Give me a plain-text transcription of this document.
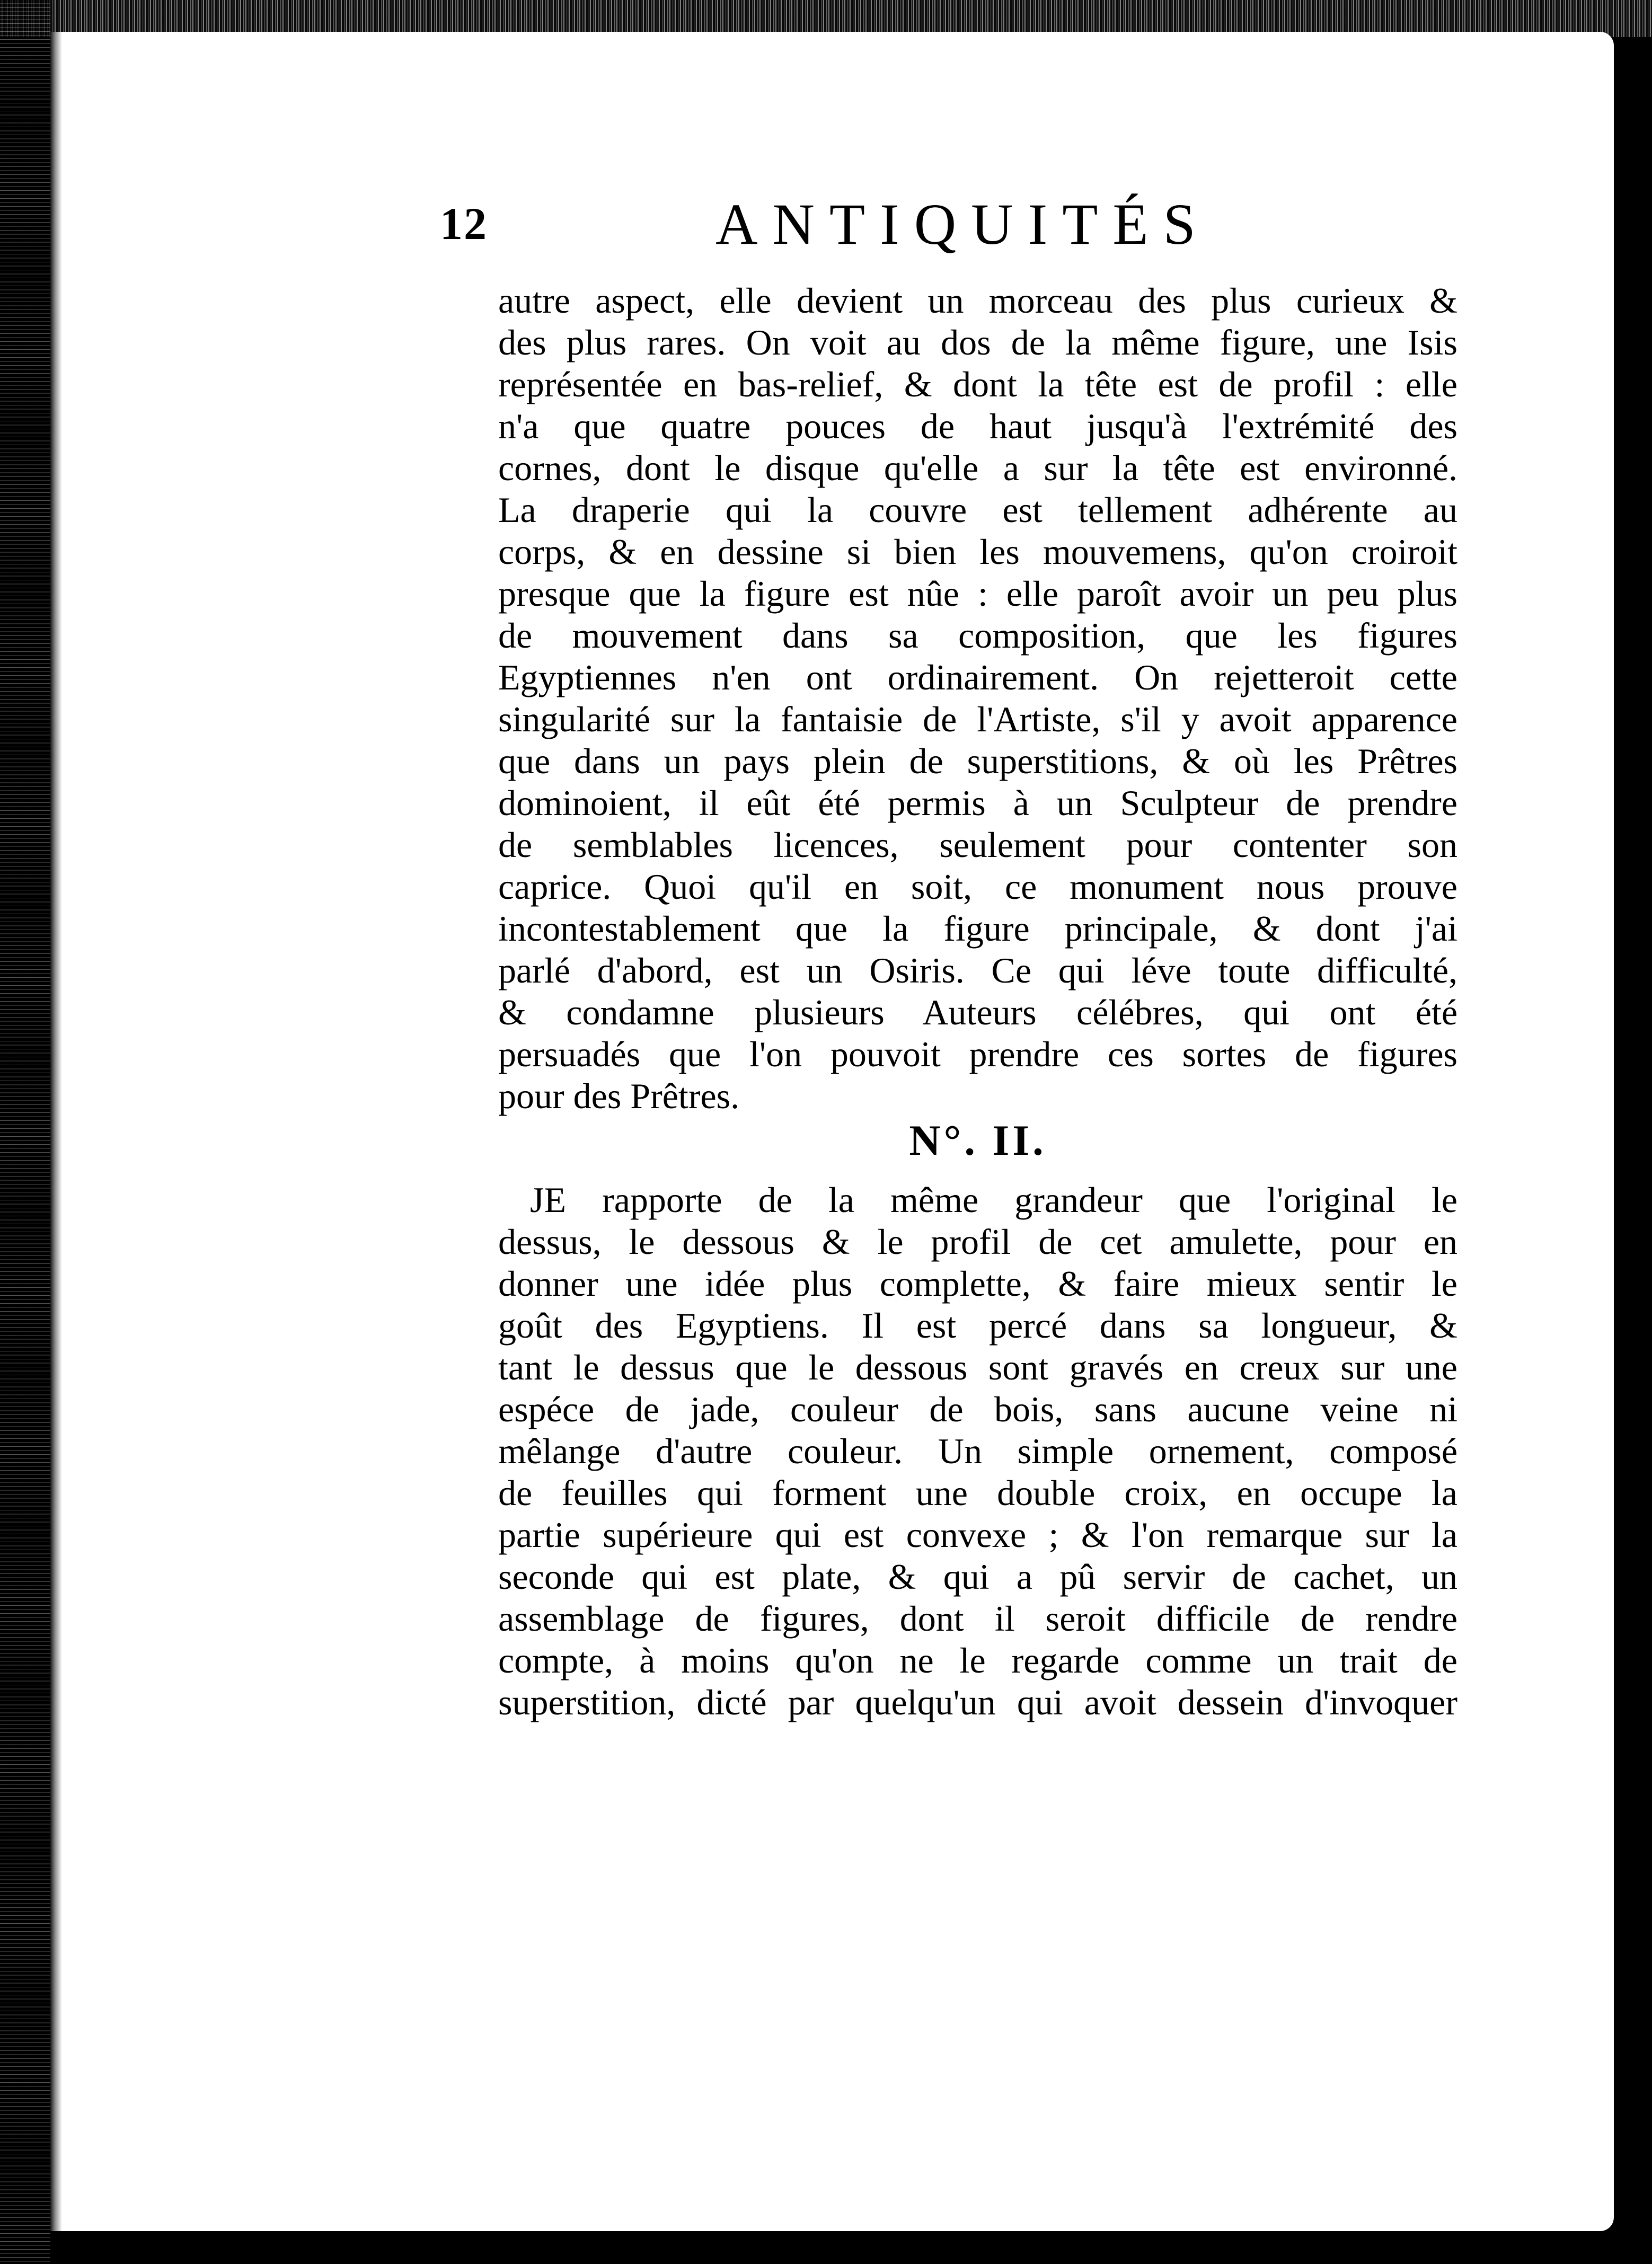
12	ANTIQUITÉS
autre aspect, elle devient un morceau des plus curieux &
des plus rares. On voit au dos de la même figure, une Isis
représentée en bas-relief, & dont la tête est de profil : elle
n'a que quatre pouces de haut jusqu'à l'extrémité des
cornes, dont le disque qu'elle a sur la tête est environné.
La draperie qui la couvre est tellement adhérente au
corps, & en dessine si bien les mouvemens, qu'on croiroit
presque que la figure est nûe : elle paroît avoir un peu plus
de mouvement dans sa composition, que les figures
Egyptiennes n'en ont ordinairement. On rejetteroit cette
singularité sur la fantaisie de l'Artiste, s'il y avoit apparence
que dans un pays plein de superstitions, & où les Prêtres
dominoient, il eût été permis à un Sculpteur de prendre
de semblables licences, seulement pour contenter son
caprice. Quoi qu'il en soit, ce monument nous prouve
incontestablement que la figure principale, & dont j'ai
parlé d'abord, est un Osiris. Ce qui léve toute difficulté,
& condamne plusieurs Auteurs célébres, qui ont été
persuadés que l'on pouvoit prendre ces sortes de figures
pour des Prêtres.
N°. II.
JE rapporte de la même grandeur que l'original le
dessus, le dessous & le profil de cet amulette, pour en
donner une idée plus complette, & faire mieux sentir le
goût des Egyptiens. Il est percé dans sa longueur, &
tant le dessus que le dessous sont gravés en creux sur une
espéce de jade, couleur de bois, sans aucune veine ni
mêlange d'autre couleur. Un simple ornement, composé
de feuilles qui forment une double croix, en occupe la
partie supérieure qui est convexe ; & l'on remarque sur la
seconde qui est plate, & qui a pû servir de cachet, un
assemblage de figures, dont il seroit difficile de rendre
compte, à moins qu'on ne le regarde comme un trait de
superstition, dicté par quelqu'un qui avoit dessein d'invoquer
